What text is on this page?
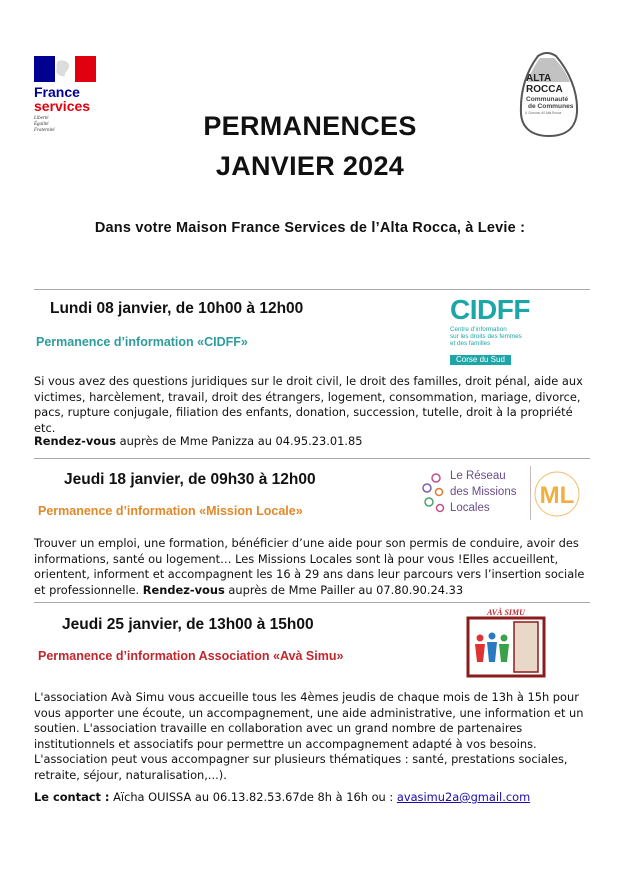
France
services
Liberté
Égalité
Fraternité
ALTA
ROCCA
Communauté
de Communes
U Cumunu di l'Alta Rocca
PERMANENCES
JANVIER 2024
Dans votre Maison France Services de l’Alta Rocca, à Levie :
Lundi 08 janvier, de 10h00 à 12h00
Permanence d’information «CIDFF»
CIDFF
Centre d’information
sur les droits des femmes
et des familles
Corse du Sud
Si vous avez des questions juridiques sur le droit civil, le droit des familles, droit pénal, aide aux victimes, harcèlement, travail, droit des étrangers, logement, consommation, mariage, divorce, pacs, rupture conjugale, filiation des enfants, donation, succession, tutelle, droit à la propriété etc.
Rendez-vous auprès de Mme Panizza au 04.95.23.01.85
Jeudi 18 janvier, de 09h30 à 12h00
Permanence d’information «Mission Locale»
Le Réseau
des Missions
Locales	ML
Trouver un emploi, une formation, bénéficier d’une aide pour son permis de conduire, avoir des informations, santé ou logement… Les Missions Locales sont là pour vous !Elles accueillent, orientent, informent et accompagnent les 16 à 29 ans dans leur parcours vers l’insertion sociale et professionnelle. Rendez-vous auprès de Mme Pailler au 07.80.90.24.33
Jeudi 25 janvier, de 13h00 à 15h00
Permanence d’information Association «Avà Simu»
AVÀ SIMU
L'association Avà Simu vous accueille tous les 4èmes jeudis de chaque mois de 13h à 15h pour vous apporter une écoute, un accompagnement, une aide administrative, une information et un soutien. L'association travaille en collaboration avec un grand nombre de partenaires institutionnels et associatifs pour permettre un accompagnement adapté à vos besoins. L'association peut vous accompagner sur plusieurs thématiques : santé, prestations sociales, retraite, séjour, naturalisation,...).
Le contact : Aïcha OUISSA au 06.13.82.53.67de 8h à 16h ou : avasimu2a@gmail.com
